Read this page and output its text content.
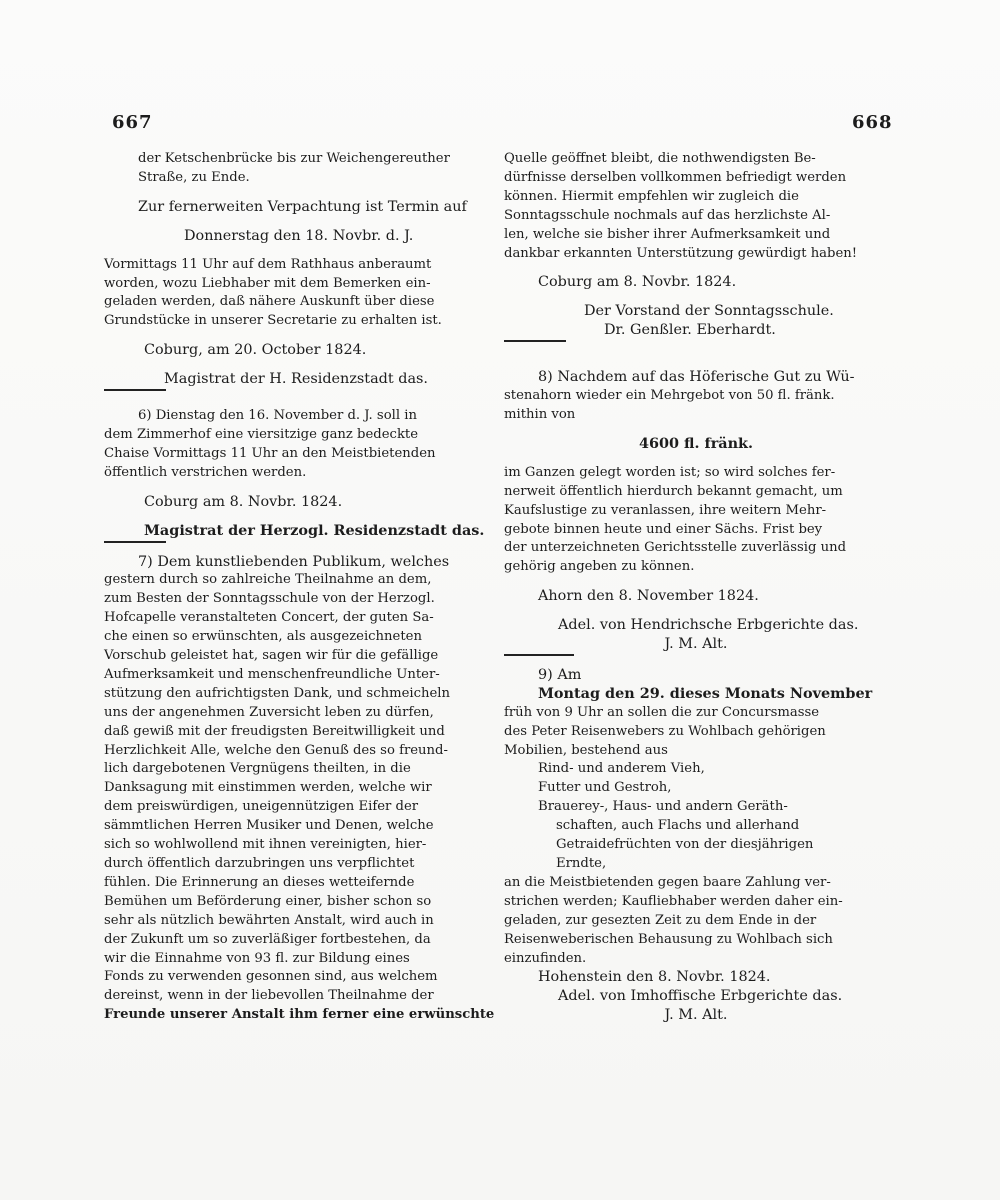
667	668
der Ketschenbrücke bis zur Weichengereuther
Straße, zu Ende.
Zur fernerweiten Verpachtung ist Termin auf
Donnerstag den 18. Novbr. d. J.
Vormittags 11 Uhr auf dem Rathhaus anberaumt
worden, wozu Liebhaber mit dem Bemerken ein-
geladen werden, daß nähere Auskunft über diese
Grundstücke in unserer Secretarie zu erhalten ist.
Coburg, am 20. October 1824.
Magistrat der H. Residenzstadt das.
6) Dienstag den 16. November d. J. soll in
dem Zimmerhof eine viersitzige ganz bedeckte
Chaise Vormittags 11 Uhr an den Meistbietenden
öffentlich verstrichen werden.
Coburg am 8. Novbr. 1824.
Magistrat der Herzogl. Residenzstadt das.
7) Dem kunstliebenden Publikum, welches
gestern durch so zahlreiche Theilnahme an dem,
zum Besten der Sonntagsschule von der Herzogl.
Hofcapelle veranstalteten Concert, der guten Sa-
che einen so erwünschten, als ausgezeichneten
Vorschub geleistet hat, sagen wir für die gefällige
Aufmerksamkeit und menschenfreundliche Unter-
stützung den aufrichtigsten Dank, und schmeicheln
uns der angenehmen Zuversicht leben zu dürfen,
daß gewiß mit der freudigsten Bereitwilligkeit und
Herzlichkeit Alle, welche den Genuß des so freund-
lich dargebotenen Vergnügens theilten, in die
Danksagung mit einstimmen werden, welche wir
dem preiswürdigen, uneigennützigen Eifer der
sämmtlichen Herren Musiker und Denen, welche
sich so wohlwollend mit ihnen vereinigten, hier-
durch öffentlich darzubringen uns verpflichtet
fühlen. Die Erinnerung an dieses wetteifernde
Bemühen um Beförderung einer, bisher schon so
sehr als nützlich bewährten Anstalt, wird auch in
der Zukunft um so zuverläßiger fortbestehen, da
wir die Einnahme von 93 fl. zur Bildung eines
Fonds zu verwenden gesonnen sind, aus welchem
dereinst, wenn in der liebevollen Theilnahme der
Freunde unserer Anstalt ihm ferner eine erwünschte
Quelle geöffnet bleibt, die nothwendigsten Be-
dürfnisse derselben vollkommen befriedigt werden
können. Hiermit empfehlen wir zugleich die
Sonntagsschule nochmals auf das herzlichste Al-
len, welche sie bisher ihrer Aufmerksamkeit und
dankbar erkannten Unterstützung gewürdigt haben!
Coburg am 8. Novbr. 1824.
Der Vorstand der Sonntagsschule.
Dr. Genßler. Eberhardt.
8) Nachdem auf das Höferische Gut zu Wü-
stenahorn wieder ein Mehrgebot von 50 fl. fränk.
mithin von
4600 fl. fränk.
im Ganzen gelegt worden ist; so wird solches fer-
nerweit öffentlich hierdurch bekannt gemacht, um
Kaufslustige zu veranlassen, ihre weitern Mehr-
gebote binnen heute und einer Sächs. Frist bey
der unterzeichneten Gerichtsstelle zuverlässig und
gehörig angeben zu können.
Ahorn den 8. November 1824.
Adel. von Hendrichsche Erbgerichte das.
J. M. Alt.
9) Am
Montag den 29. dieses Monats November
früh von 9 Uhr an sollen die zur Concursmasse
des Peter Reisenwebers zu Wohlbach gehörigen
Mobilien, bestehend aus
Rind- und anderem Vieh,
Futter und Gestroh,
Brauerey-, Haus- und andern Geräth-
schaften, auch Flachs und allerhand
Getraidefrüchten von der diesjährigen
Erndte,
an die Meistbietenden gegen baare Zahlung ver-
strichen werden; Kaufliebhaber werden daher ein-
geladen, zur gesezten Zeit zu dem Ende in der
Reisenweberischen Behausung zu Wohlbach sich
einzufinden.
Hohenstein den 8. Novbr. 1824.
Adel. von Imhoffische Erbgerichte das.
J. M. Alt.
